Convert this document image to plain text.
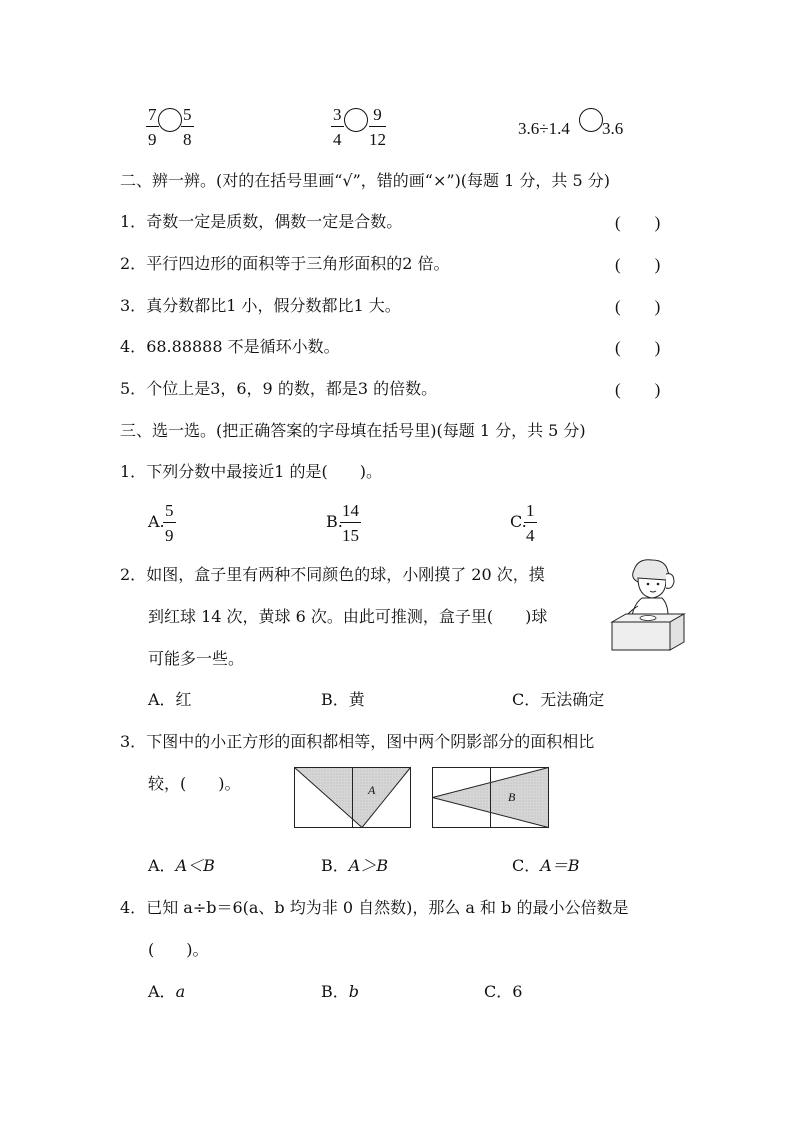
$\frac{7}{9} \frac{5}{8}$	$\frac{3}{4} \frac{9}{12}$	3.6÷1.4 3.6
二、辨一辨。(对的在括号里画“√”，错的画“×”)(每题 1 分，共 5 分)
1．奇数一定是质数，偶数一定是合数。	(　　)
2．平行四边形的面积等于三角形面积的2 倍。	(　　)
3．真分数都比1 小，假分数都比1 大。	(　　)
4．68.88888 不是循环小数。	(　　)
5．个位上是3，6，9 的数，都是3 的倍数。	(　　)
三、选一选。(把正确答案的字母填在括号里)(每题 1 分，共 5 分)
1．下列分数中最接近1 的是(　　)。
A.
$\frac{5}{9}$	B.
$\frac{14}{15}$	C.
$\frac{1}{4}$
2．如图，盒子里有两种不同颜色的球，小刚摸了 20 次，摸
到红球 14 次，黄球 6 次。由此可推测，盒子里(　　)球
可能多一些。
A．红	B．黄	C．无法确定
3．下图中的小正方形的面积都相等，图中两个阴影部分的面积相比
较，(　　)。	A	B
A．A＜B	B．A＞B	C．A＝B
4．已知 a÷b＝6(a、b 均为非 0 自然数)，那么 a 和 b 的最小公倍数是
(　　)。
A．a	B．b	C．6
